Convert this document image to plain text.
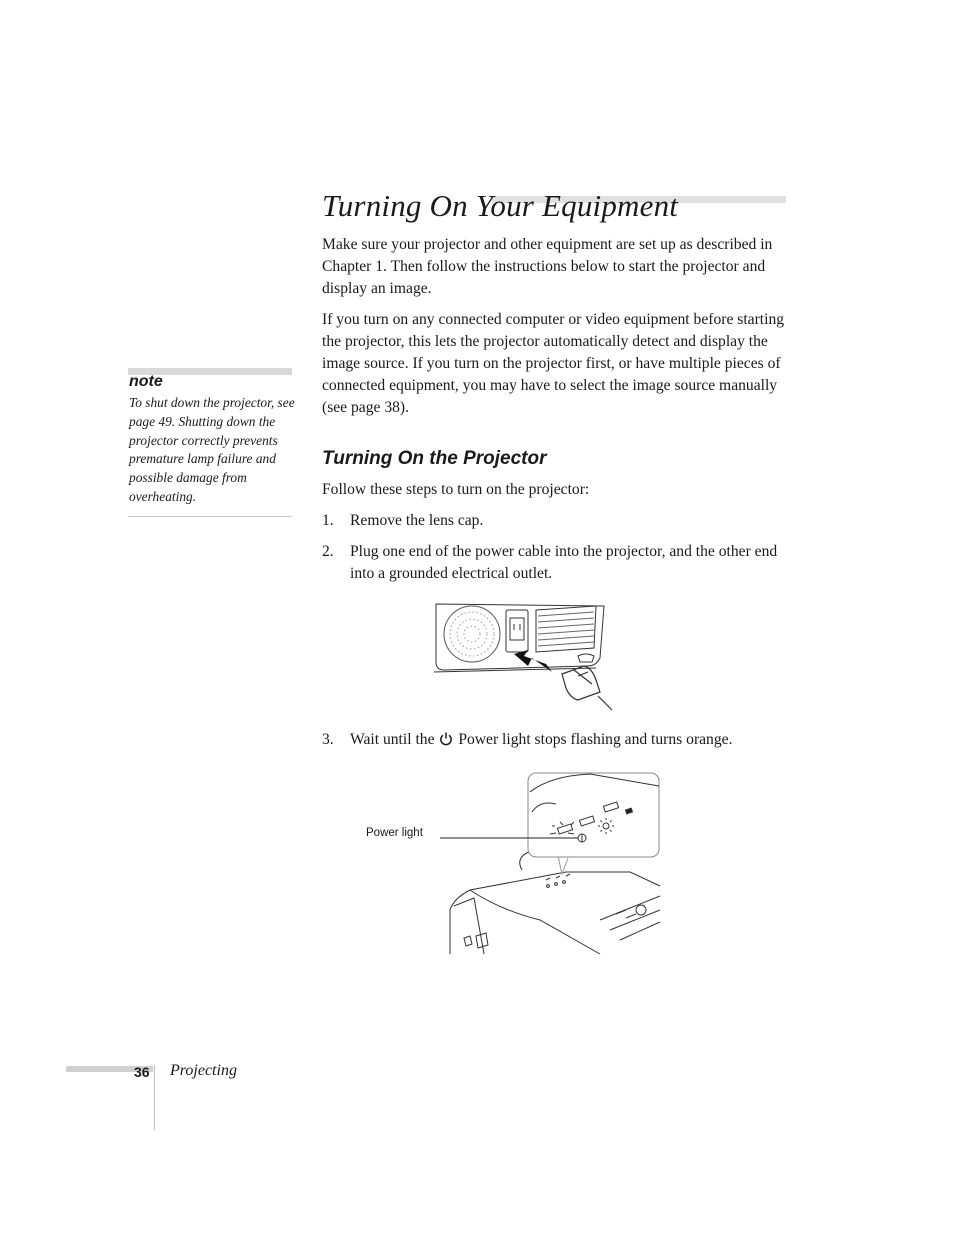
Turning On Your Equipment
Make sure your projector and other equipment are set up as described in Chapter 1. Then follow the instructions below to start the projector and display an image.
If you turn on any connected computer or video equipment before starting the projector, this lets the projector automatically detect and display the image source. If you turn on the projector first, or have multiple pieces of connected equipment, you may have to select the image source manually (see page 38).
note
To shut down the projector, see page 49. Shutting down the projector correctly prevents premature lamp failure and possible damage from overheating.
Turning On the Projector
Follow these steps to turn on the projector:
1. Remove the lens cap.
2. Plug one end of the power cable into the projector, and the other end into a grounded electrical outlet.
3. Wait until the Power light stops flashing and turns orange.
Power light
36 Projecting
